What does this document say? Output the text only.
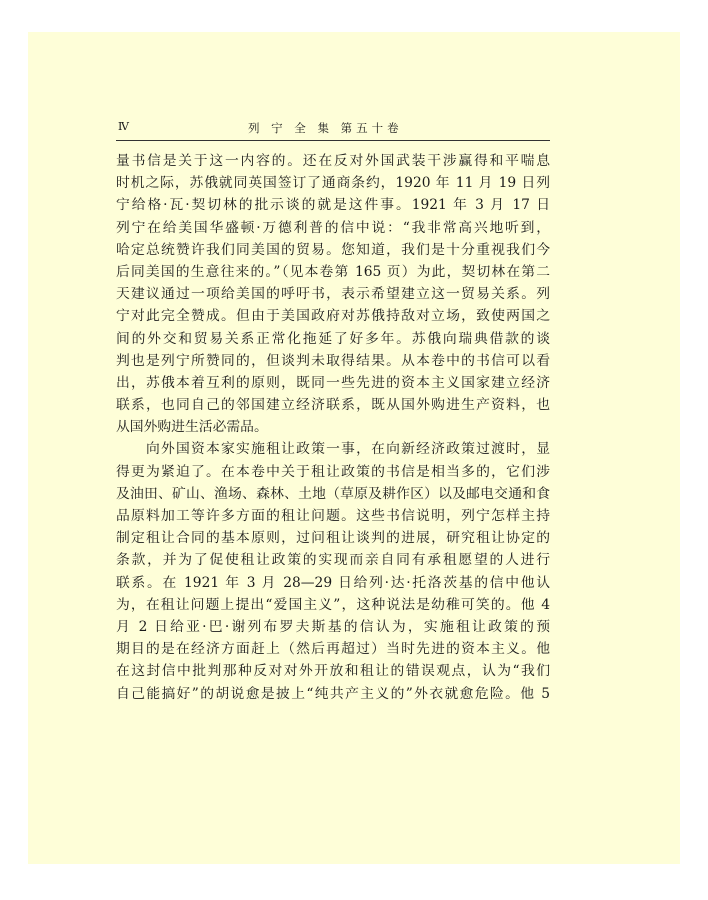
Ⅳ	列 宁 全 集 第五十卷
量书信是关于这一内容的。还在反对外国武装干涉赢得和平喘息
时机之际，苏俄就同英国签订了通商条约，1920 年 11 月 19 日列
宁给格·瓦·契切林的批示谈的就是这件事。1921 年 3 月 17 日
列宁在给美国华盛顿·万德利普的信中说：“我非常高兴地听到，
哈定总统赞许我们同美国的贸易。您知道，我们是十分重视我们今
后同美国的生意往来的。”（见本卷第 165 页）为此，契切林在第二
天建议通过一项给美国的呼吁书，表示希望建立这一贸易关系。列
宁对此完全赞成。但由于美国政府对苏俄持敌对立场，致使两国之
间的外交和贸易关系正常化拖延了好多年。苏俄向瑞典借款的谈
判也是列宁所赞同的，但谈判未取得结果。从本卷中的书信可以看
出，苏俄本着互利的原则，既同一些先进的资本主义国家建立经济
联系，也同自己的邻国建立经济联系，既从国外购进生产资料，也
从国外购进生活必需品。
　　向外国资本家实施租让政策一事，在向新经济政策过渡时，显
得更为紧迫了。在本卷中关于租让政策的书信是相当多的，它们涉
及油田、矿山、渔场、森林、土地（草原及耕作区）以及邮电交通和食
品原料加工等许多方面的租让问题。这些书信说明，列宁怎样主持
制定租让合同的基本原则，过问租让谈判的进展，研究租让协定的
条款，并为了促使租让政策的实现而亲自同有承租愿望的人进行
联系。在 1921 年 3 月 28—29 日给列·达·托洛茨基的信中他认
为，在租让问题上提出“爱国主义”，这种说法是幼稚可笑的。他 4
月 2 日给亚·巴·谢列布罗夫斯基的信认为，实施租让政策的预
期目的是在经济方面赶上（然后再超过）当时先进的资本主义。他
在这封信中批判那种反对对外开放和租让的错误观点，认为“我们
自己能搞好”的胡说愈是披上“纯共产主义的”外衣就愈危险。他 5
